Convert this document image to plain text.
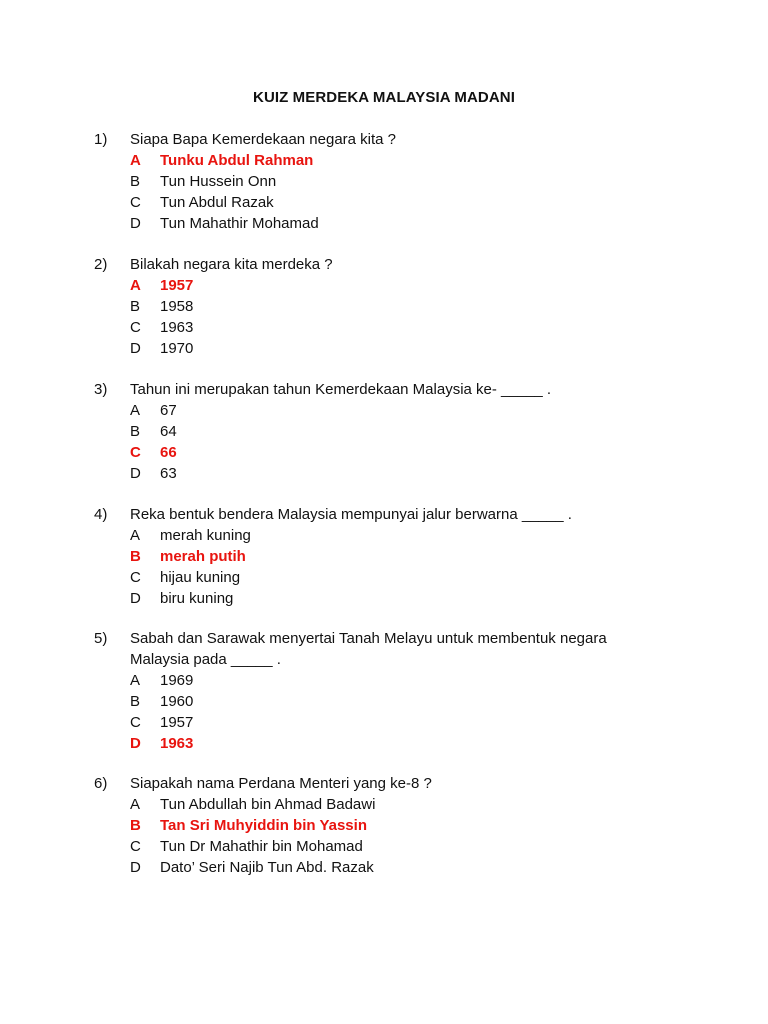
KUIZ MERDEKA MALAYSIA MADANI
1) Siapa Bapa Kemerdekaan negara kita ?
A Tunku Abdul Rahman
B Tun Hussein Onn
C Tun Abdul Razak
D Tun Mahathir Mohamad
2) Bilakah negara kita merdeka ?
A 1957
B 1958
C 1963
D 1970
3) Tahun ini merupakan tahun Kemerdekaan Malaysia ke- _____ .
A 67
B 64
C 66
D 63
4) Reka bentuk bendera Malaysia mempunyai jalur berwarna _____ .
A merah kuning
B merah putih
C hijau kuning
D biru kuning
5) Sabah dan Sarawak menyertai Tanah Melayu untuk membentuk negara
Malaysia pada _____ .
A 1969
B 1960
C 1957
D 1963
6) Siapakah nama Perdana Menteri yang ke-8 ?
A Tun Abdullah bin Ahmad Badawi
B Tan Sri Muhyiddin bin Yassin
C Tun Dr Mahathir bin Mohamad
D Dato’ Seri Najib Tun Abd. Razak
